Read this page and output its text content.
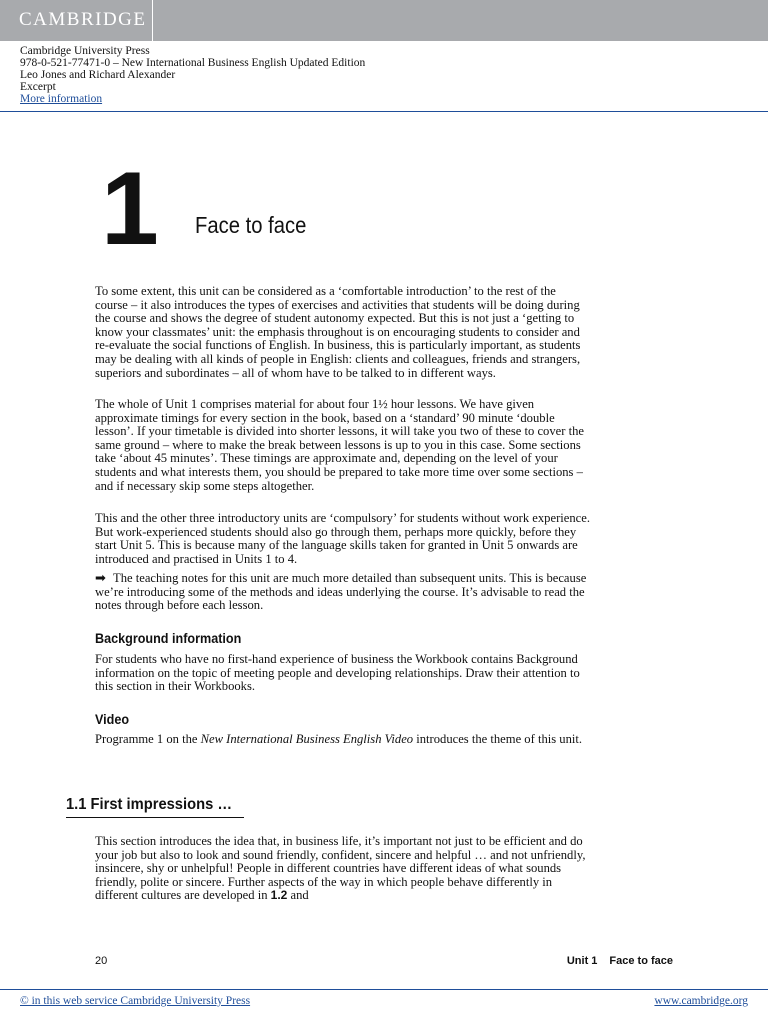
CAMBRIDGE
Cambridge University Press
978-0-521-77471-0 – New International Business English Updated Edition
Leo Jones and Richard Alexander
Excerpt
More information
1 Face to face

To some extent, this unit can be considered as a ‘comfortable introduction’ to the rest of the course – it also introduces the types of exercises and activities that students will be doing during the course and shows the degree of student autonomy expected. But this is not just a ‘getting to know your classmates’ unit: the emphasis throughout is on encouraging students to consider and re-evaluate the social functions of English. In business, this is particularly important, as students may be dealing with all kinds of people in English: clients and colleagues, friends and strangers, superiors and subordinates – all of whom have to be talked to in different ways.

The whole of Unit 1 comprises material for about four 1½ hour lessons. We have given approximate timings for every section in the book, based on a ‘standard’ 90 minute ‘double lesson’. If your timetable is divided into shorter lessons, it will take you two of these to cover the same ground – where to make the break between lessons is up to you in this case. Some sections take ‘about 45 minutes’. These timings are approximate and, depending on the level of your students and what interests them, you should be prepared to take more time over some sections – and if necessary skip some steps altogether.

This and the other three introductory units are ‘compulsory’ for students without work experience. But work-experienced students should also go through them, perhaps more quickly, before they start Unit 5. This is because many of the language skills taken for granted in Unit 5 onwards are introduced and practised in Units 1 to 4.

➡ The teaching notes for this unit are much more detailed than subsequent units. This is because we’re introducing some of the methods and ideas underlying the course. It’s advisable to read the notes through before each lesson.

Background information

For students who have no first-hand experience of business the Workbook contains Background information on the topic of meeting people and developing relationships. Draw their attention to this section in their Workbooks.

Video

Programme 1 on the New International Business English Video introduces the theme of this unit.

1.1 First impressions …

This section introduces the idea that, in business life, it’s important not just to be efficient and do your job but also to look and sound friendly, confident, sincere and helpful … and not unfriendly, insincere, shy or unhelpful! People in different countries have different ideas of what sounds friendly, polite or sincere. Further aspects of the way in which people behave differently in different cultures are developed in 1.2 and

20	Unit 1 Face to face
© in this web service Cambridge University Press	www.cambridge.org
